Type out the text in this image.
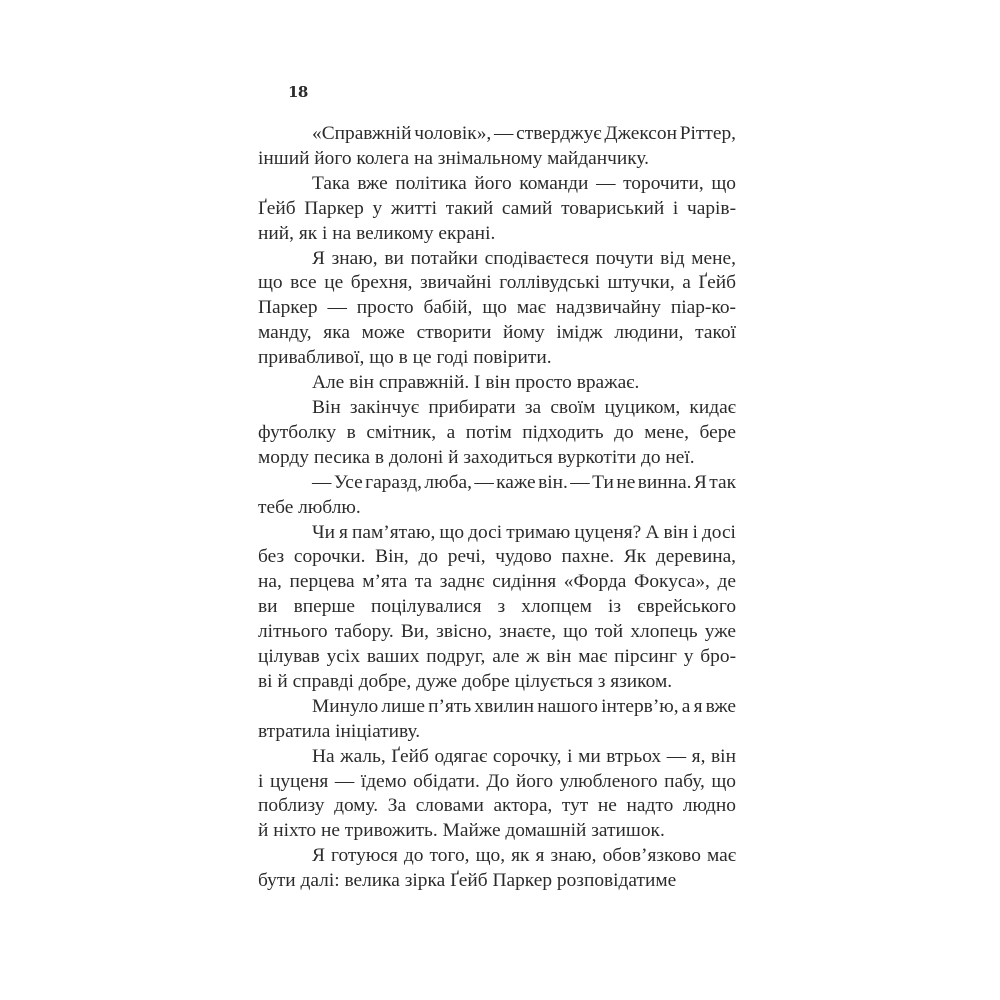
18
«Справжній чоловік», — стверджує Джексон Ріттер,
інший його колега на знімальному майданчику.
Така вже політика його команди — торочити, що
Ґейб Паркер у житті такий самий товариський і чарів-
ний, як і на великому екрані.
Я знаю, ви потайки сподіваєтеся почути від мене,
що все це брехня, звичайні голлівудські штучки, а Ґейб
Паркер — просто бабій, що має надзвичайну піар-ко-
манду, яка може створити йому імідж людини, такої
привабливої, що в це годі повірити.
Але він справжній. І він просто вражає.
Він закінчує прибирати за своїм цуциком, кидає
футболку в смітник, а потім підходить до мене, бере
морду песика в долоні й заходиться вуркотіти до неї.
— Усе гаразд, люба, — каже він. — Ти не винна. Я так
тебе люблю.
Чи я пам’ятаю, що досі тримаю цуценя? А він і досі
без сорочки. Він, до речі, чудово пахне. Як деревина,
на, перцева м’ята та заднє сидіння «Форда Фокуса», де
ви вперше поцілувалися з хлопцем із єврейського
літнього табору. Ви, звісно, знаєте, що той хлопець уже
цілував усіх ваших подруг, але ж він має пірсинг у бро-
ві й справді добре, дуже добре цілується з язиком.
Минуло лише п’ять хвилин нашого інтерв’ю, а я вже
втратила ініціативу.
На жаль, Ґейб одягає сорочку, і ми втрьох — я, він
і цуценя — їдемо обідати. До його улюбленого пабу, що
поблизу дому. За словами актора, тут не надто людно
й ніхто не тривожить. Майже домашній затишок.
Я готуюся до того, що, як я знаю, обов’язково має
бути далі: велика зірка Ґейб Паркер розповідатиме
